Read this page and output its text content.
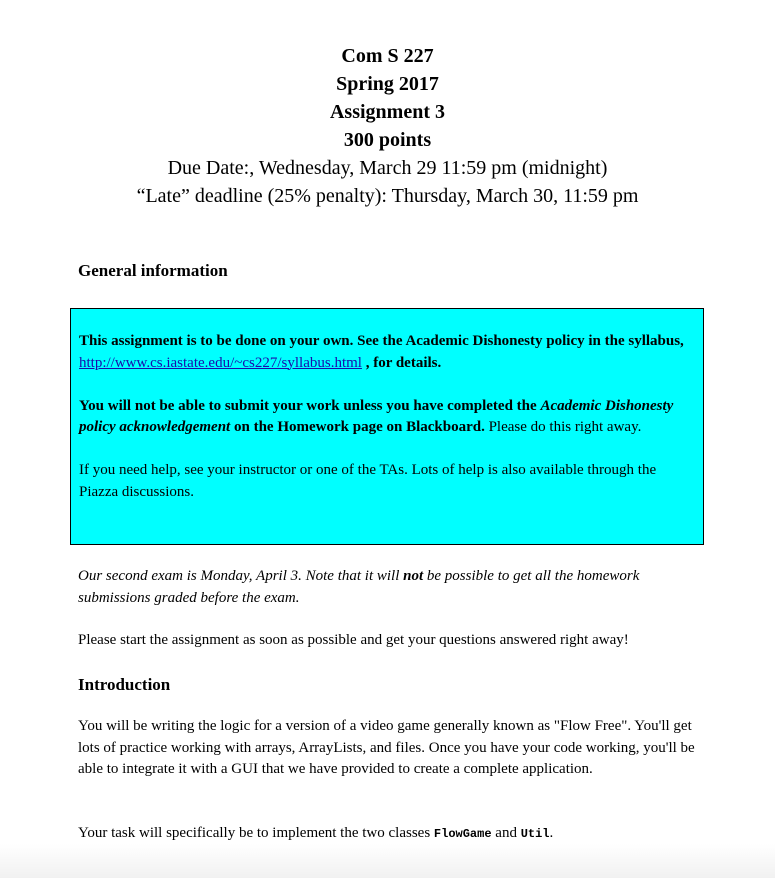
Com S 227
Spring 2017
Assignment 3
300 points
Due Date:, Wednesday, March 29 11:59 pm (midnight)
“Late” deadline (25% penalty): Thursday, March 30, 11:59 pm
General information

This assignment is to be done on your own. See the Academic Dishonesty policy in the syllabus, http://www.cs.iastate.edu/~cs227/syllabus.html , for details.

You will not be able to submit your work unless you have completed the Academic Dishonesty policy acknowledgement on the Homework page on Blackboard. Please do this right away.

If you need help, see your instructor or one of the TAs. Lots of help is also available through the Piazza discussions.

Our second exam is Monday, April 3. Note that it will not be possible to get all the homework submissions graded before the exam.

Please start the assignment as soon as possible and get your questions answered right away!

Introduction

You will be writing the logic for a version of a video game generally known as "Flow Free". You'll get lots of practice working with arrays, ArrayLists, and files. Once you have your code working, you'll be able to integrate it with a GUI that we have provided to create a complete application.

Your task will specifically be to implement the two classes FlowGame and Util.
